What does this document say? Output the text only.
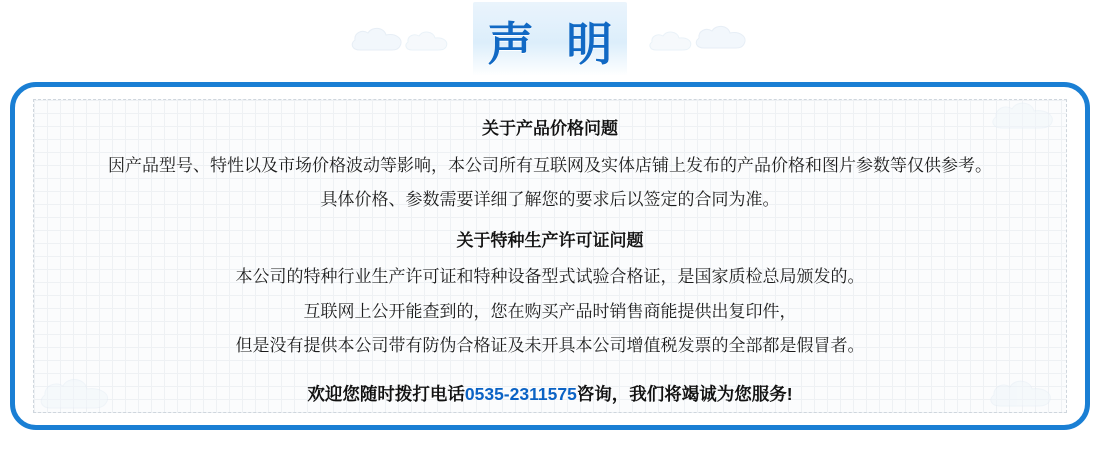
声 明

关于产品价格问题

因产品型号、特性以及市场价格波动等影响，本公司所有互联网及实体店铺上发布的产品价格和图片参数等仅供参考。

具体价格、参数需要详细了解您的要求后以签定的合同为准。

关于特种生产许可证问题

本公司的特种行业生产许可证和特种设备型式试验合格证，是国家质检总局颁发的。

互联网上公开能查到的，您在购买产品时销售商能提供出复印件，

但是没有提供本公司带有防伪合格证及未开具本公司增值税发票的全部都是假冒者。

欢迎您随时拨打电话0535-2311575咨询，我们将竭诚为您服务!
